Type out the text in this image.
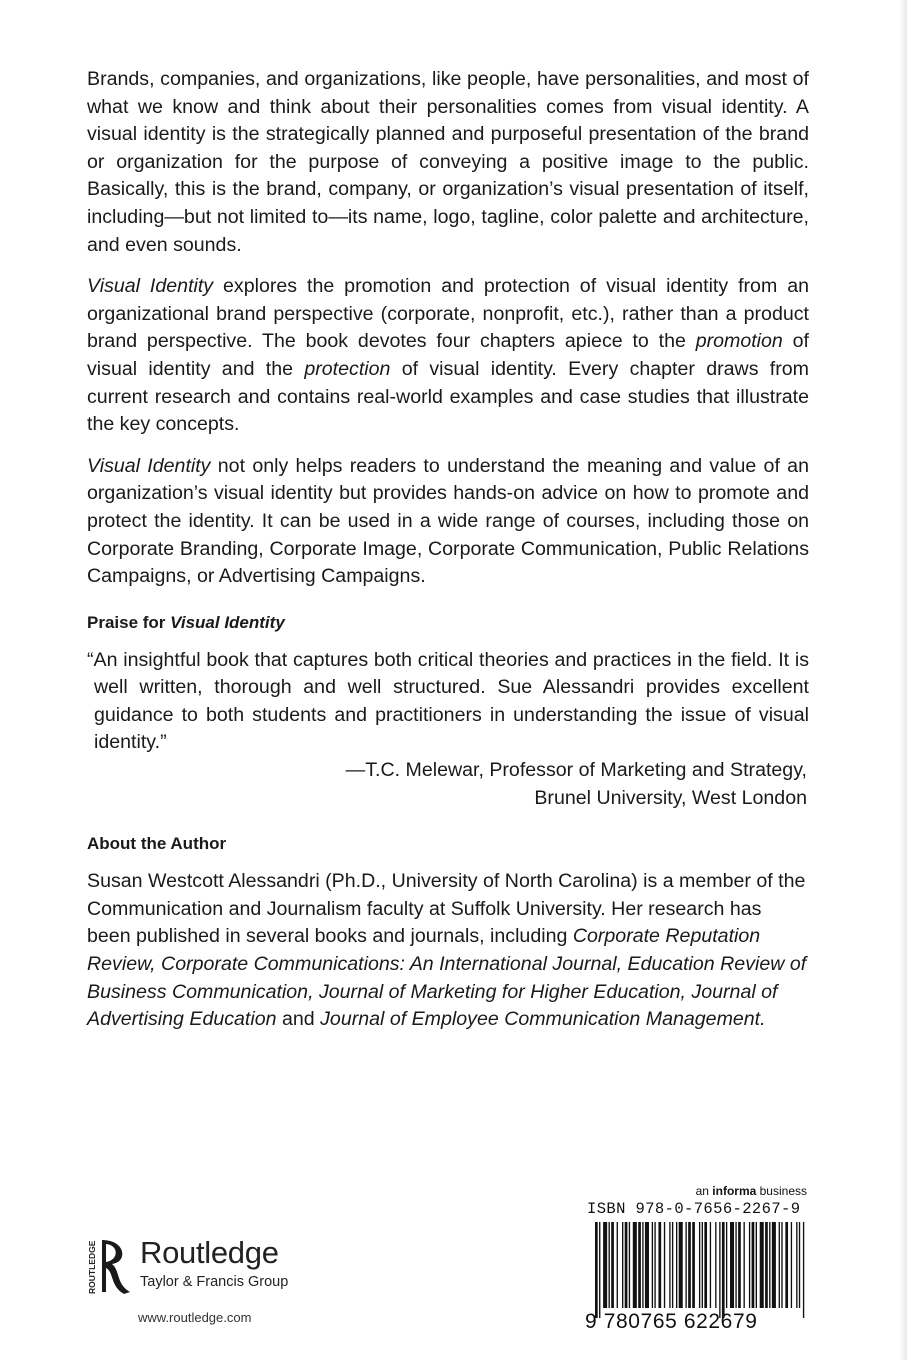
Brands, companies, and organizations, like people, have personalities, and most of what we know and think about their personalities comes from visual identity. A visual identity is the strategically planned and purposeful presentation of the brand or organization for the purpose of conveying a positive image to the public. Basically, this is the brand, company, or organization’s visual presentation of itself, including—but not limited to—its name, logo, tagline, color palette and architecture, and even sounds.

Visual Identity explores the promotion and protection of visual identity from an organizational brand perspective (corporate, nonprofit, etc.), rather than a product brand perspective. The book devotes four chapters apiece to the promotion of visual identity and the protection of visual identity. Every chapter draws from current research and contains real-world examples and case studies that illustrate the key concepts.

Visual Identity not only helps readers to understand the meaning and value of an organization’s visual identity but provides hands-on advice on how to promote and protect the identity. It can be used in a wide range of courses, including those on Corporate Branding, Corporate Image, Corporate Communication, Public Relations Campaigns, or Advertising Campaigns.

Praise for Visual Identity

“An insightful book that captures both critical theories and practices in the field. It is well written, thorough and well structured. Sue Alessandri provides excellent guidance to both students and practitioners in understanding the issue of visual identity.”

—T.C. Melewar, Professor of Marketing and Strategy,
Brunel University, West London
About the Author

Susan Westcott Alessandri (Ph.D., University of North Carolina) is a member of the Communication and Journalism faculty at Suffolk University. Her research has been published in several books and journals, including Corporate Reputation Review, Corporate Communications: An International Journal, Education Review of Business Communication, Journal of Marketing for Higher Education, Journal of Advertising Education and Journal of Employee Communication Management.

ROUTLEDGE Routledge
Taylor & Francis Group
www.routledge.com
an informa business
ISBN 978-0-7656-2267-9
9 780765 622679
